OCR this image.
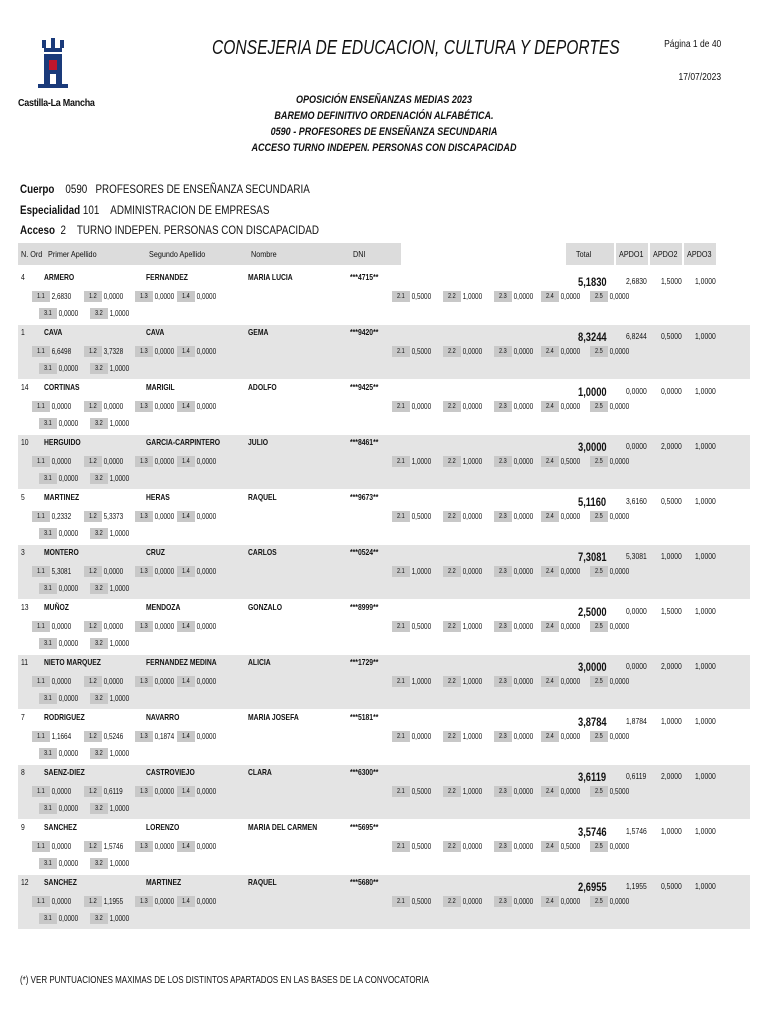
Castilla-La Mancha
CONSEJERIA DE EDUCACION, CULTURA Y DEPORTES	Página 1 de 40
17/07/2023
OPOSICIÓN ENSEÑANZAS MEDIAS 2023
BAREMO DEFINITIVO ORDENACIÓN ALFABÉTICA.
0590 - PROFESORES DE ENSEÑANZA SECUNDARIA
ACCESO TURNO INDEPEN. PERSONAS CON DISCAPACIDAD
Cuerpo 0590 PROFESORES DE ENSEÑANZA SECUNDARIA
Especialidad 101 ADMINISTRACION DE EMPRESAS
Acceso 2 TURNO INDEPEN. PERSONAS CON DISCAPACIDAD
N. Ord Primer Apellido	Segundo Apellido	Nombre	DNI	Total	APDO1	APDO2	APDO3
4 ARMERO	FERNANDEZ	MARIA LUCIA	***4715**	5,1830 2,6830 1,5000 1,0000
1.1 2,6830	1.2 0,0000	1.3 0,0000	1.4 0,0000	2.1 0,5000	2.2 1,0000	2.3 0,0000	2.4 0,0000	2.5 0,0000
3.1 0,0000	3.2 1,0000
1 CAVA	CAVA	GEMA	***9420**	8,3244 6,8244 0,5000 1,0000
1.1 6,6498	1.2 3,7328	1.3 0,0000	1.4 0,0000	2.1 0,5000	2.2 0,0000	2.3 0,0000	2.4 0,0000	2.5 0,0000
3.1 0,0000	3.2 1,0000
14 CORTINAS	MARIGIL	ADOLFO	***9425**	1,0000 0,0000 0,0000 1,0000
1.1 0,0000	1.2 0,0000	1.3 0,0000	1.4 0,0000	2.1 0,0000	2.2 0,0000	2.3 0,0000	2.4 0,0000	2.5 0,0000
3.1 0,0000	3.2 1,0000
10 HERGUIDO	GARCIA-CARPINTERO	JULIO	***8461**	3,0000 0,0000 2,0000 1,0000
1.1 0,0000	1.2 0,0000	1.3 0,0000	1.4 0,0000	2.1 1,0000	2.2 1,0000	2.3 0,0000	2.4 0,5000	2.5 0,0000
3.1 0,0000	3.2 1,0000
5 MARTINEZ	HERAS	RAQUEL	***9673**	5,1160 3,6160 0,5000 1,0000
1.1 0,2332	1.2 5,3373	1.3 0,0000	1.4 0,0000	2.1 0,5000	2.2 0,0000	2.3 0,0000	2.4 0,0000	2.5 0,0000
3.1 0,0000	3.2 1,0000
3 MONTERO	CRUZ	CARLOS	***0524**	7,3081 5,3081 1,0000 1,0000
1.1 5,3081	1.2 0,0000	1.3 0,0000	1.4 0,0000	2.1 1,0000	2.2 0,0000	2.3 0,0000	2.4 0,0000	2.5 0,0000
3.1 0,0000	3.2 1,0000
13 MUÑOZ	MENDOZA	GONZALO	***8999**	2,5000 0,0000 1,5000 1,0000
1.1 0,0000	1.2 0,0000	1.3 0,0000	1.4 0,0000	2.1 0,5000	2.2 1,0000	2.3 0,0000	2.4 0,0000	2.5 0,0000
3.1 0,0000	3.2 1,0000
11 NIETO MARQUEZ	FERNANDEZ MEDINA	ALICIA	***1729**	3,0000 0,0000 2,0000 1,0000
1.1 0,0000	1.2 0,0000	1.3 0,0000	1.4 0,0000	2.1 1,0000	2.2 1,0000	2.3 0,0000	2.4 0,0000	2.5 0,0000
3.1 0,0000	3.2 1,0000
7 RODRIGUEZ	NAVARRO	MARIA JOSEFA	***5181**	3,8784 1,8784 1,0000 1,0000
1.1 1,1664	1.2 0,5246	1.3 0,1874	1.4 0,0000	2.1 0,0000	2.2 1,0000	2.3 0,0000	2.4 0,0000	2.5 0,0000
3.1 0,0000	3.2 1,0000
8 SAENZ-DIEZ	CASTROVIEJO	CLARA	***6300**	3,6119 0,6119 2,0000 1,0000
1.1 0,0000	1.2 0,6119	1.3 0,0000	1.4 0,0000	2.1 0,5000	2.2 1,0000	2.3 0,0000	2.4 0,0000	2.5 0,5000
3.1 0,0000	3.2 1,0000
9 SANCHEZ	LORENZO	MARIA DEL CARMEN	***5695**	3,5746 1,5746 1,0000 1,0000
1.1 0,0000	1.2 1,5746	1.3 0,0000	1.4 0,0000	2.1 0,5000	2.2 0,0000	2.3 0,0000	2.4 0,5000	2.5 0,0000
3.1 0,0000	3.2 1,0000
12 SANCHEZ	MARTINEZ	RAQUEL	***5680**	2,6955 1,1955 0,5000 1,0000
1.1 0,0000	1.2 1,1955	1.3 0,0000	1.4 0,0000	2.1 0,5000	2.2 0,0000	2.3 0,0000	2.4 0,0000	2.5 0,0000
3.1 0,0000	3.2 1,0000
(*) VER PUNTUACIONES MAXIMAS DE LOS DISTINTOS APARTADOS EN LAS BASES DE LA CONVOCATORIA
